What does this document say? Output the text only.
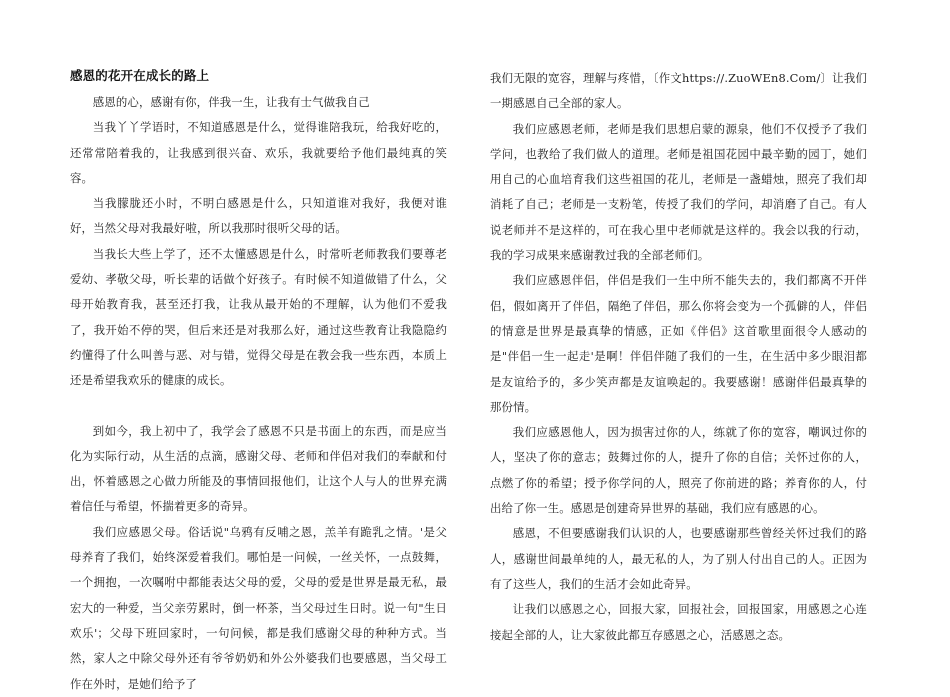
感恩的花开在成长的路上

感恩的心，感谢有你，伴我一生，让我有士气做我自己

当我丫丫学语时，不知道感恩是什么，觉得谁陪我玩，给我好吃的，还常常陪着我的，让我感到很兴奋、欢乐，我就要给予他们最纯真的笑容。

当我朦胧还小时，不明白感恩是什么，只知道谁对我好，我便对谁好，当然父母对我最好啦，所以我那时很听父母的话。

当我长大些上学了，还不太懂感恩是什么，时常听老师教我们要尊老爱幼、孝敬父母，听长辈的话做个好孩子。有时候不知道做错了什么，父母开始教育我，甚至还打我，让我从最开始的不理解，认为他们不爱我了，我开始不停的哭，但后来还是对我那么好，通过这些教育让我隐隐约约懂得了什么叫善与恶、对与错，觉得父母是在教会我一些东西，本质上还是希望我欢乐的健康的成长。

到如今，我上初中了，我学会了感恩不只是书面上的东西，而是应当化为实际行动，从生活的点滴，感谢父母、老师和伴侣对我们的奉献和付出，怀着感恩之心做力所能及的事情回报他们，让这个人与人的世界充满着信任与希望，怀揣着更多的奇异。

我们应感恩父母。俗话说"乌鸦有反哺之恩，羔羊有跪乳之情。'是父母养育了我们，始终深爱着我们。哪怕是一问候，一丝关怀，一点鼓舞，一个拥抱，一次嘱咐中都能表达父母的爱，父母的爱是世界是最无私，最宏大的一种爱，当父亲劳累时，倒一杯茶，当父母过生日时。说一句"生日欢乐'；父母下班回家时，一句问候，都是我们感谢父母的种种方式。当然，家人之中除父母外还有爷爷奶奶和外公外婆我们也要感恩，当父母工作在外时，是她们给予了

我们无限的宽容，理解与疼惜，〔作文https://.ZuoWEn8.Com/〕让我们一期感恩自己全部的家人。

我们应感恩老师，老师是我们思想启蒙的源泉，他们不仅授予了我们学问，也教给了我们做人的道理。老师是祖国花园中最辛勤的园丁，她们用自己的心血培育我们这些祖国的花儿，老师是一盏蜡烛，照亮了我们却消耗了自己；老师是一支粉笔，传授了我们的学问，却消磨了自己。有人说老师并不是这样的，可在我心里中老师就是这样的。我会以我的行动，我的学习成果来感谢教过我的全部老师们。

我们应感恩伴侣，伴侣是我们一生中所不能失去的，我们都离不开伴侣，假如离开了伴侣，隔绝了伴侣，那么你将会变为一个孤僻的人，伴侣的情意是世界是最真挚的情感，正如《伴侣》这首歌里面很令人感动的是"伴侣一生一起走'是啊！伴侣伴随了我们的一生，在生活中多少眼泪都是友谊给予的，多少笑声都是友谊唤起的。我要感谢！感谢伴侣最真挚的那份情。

我们应感恩他人，因为损害过你的人，练就了你的宽容，嘲讽过你的人，坚决了你的意志；鼓舞过你的人，提升了你的自信；关怀过你的人，点燃了你的希望；授予你学问的人，照亮了你前进的路；养育你的人，付出给了你一生。感恩是创建奇异世界的基础，我们应有感恩的心。

感恩，不但要感谢我们认识的人，也要感谢那些曾经关怀过我们的路人，感谢世间最单纯的人，最无私的人，为了别人付出自己的人。正因为有了这些人，我们的生活才会如此奇异。

让我们以感恩之心，回报大家，回报社会，回报国家，用感恩之心连接起全部的人，让大家彼此都互存感恩之心，活感恩之态。
